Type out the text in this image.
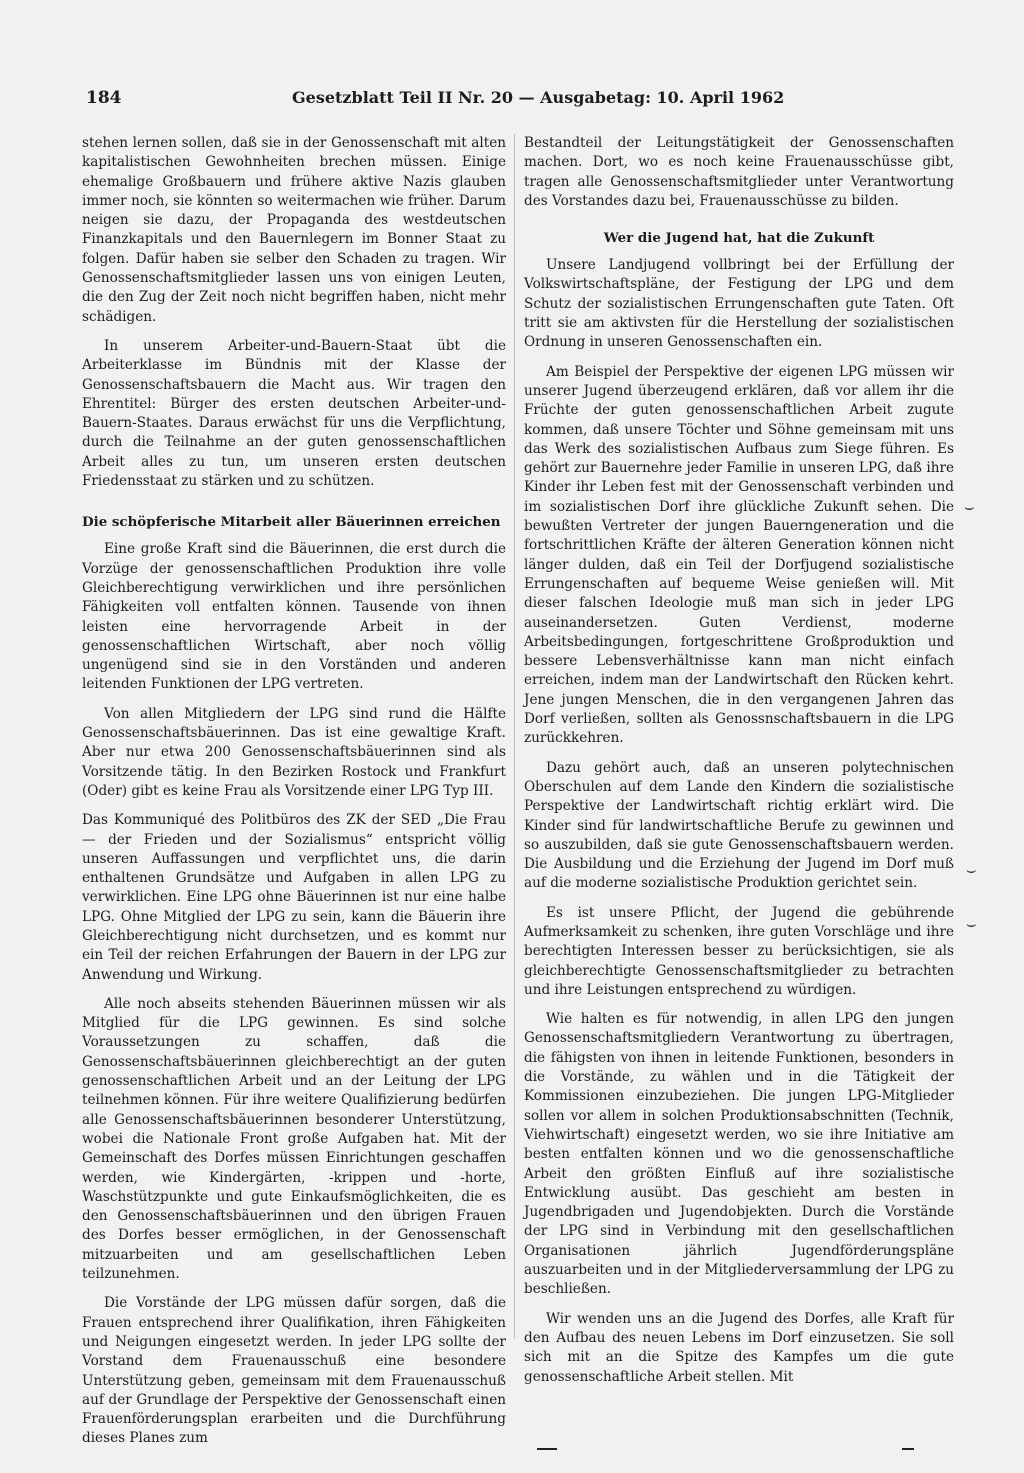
184	Gesetzblatt Teil II Nr. 20 — Ausgabetag: 10. April 1962

stehen lernen sollen, daß sie in der Genossenschaft mit alten kapitalistischen Gewohnheiten brechen müssen. Einige ehemalige Großbauern und frühere aktive Nazis glauben immer noch, sie könnten so weitermachen wie früher. Darum neigen sie dazu, der Propaganda des westdeutschen Finanzkapitals und den Bauernlegern im Bonner Staat zu folgen. Dafür haben sie selber den Schaden zu tragen. Wir Genossenschaftsmitglieder lassen uns von einigen Leuten, die den Zug der Zeit noch nicht begriffen haben, nicht mehr schädigen.

In unserem Arbeiter-und-Bauern-Staat übt die Arbeiterklasse im Bündnis mit der Klasse der Genossenschaftsbauern die Macht aus. Wir tragen den Ehrentitel: Bürger des ersten deutschen Arbeiter-und-Bauern-Staates. Daraus erwächst für uns die Verpflichtung, durch die Teilnahme an der guten genossenschaftlichen Arbeit alles zu tun, um unseren ersten deutschen Friedensstaat zu stärken und zu schützen.

Die schöpferische Mitarbeit aller Bäuerinnen erreichen

Eine große Kraft sind die Bäuerinnen, die erst durch die Vorzüge der genossenschaftlichen Produktion ihre volle Gleichberechtigung verwirklichen und ihre persönlichen Fähigkeiten voll entfalten können. Tausende von ihnen leisten eine hervorragende Arbeit in der genossenschaftlichen Wirtschaft, aber noch völlig ungenügend sind sie in den Vorständen und anderen leitenden Funktionen der LPG vertreten.

Von allen Mitgliedern der LPG sind rund die Hälfte Genossenschaftsbäuerinnen. Das ist eine gewaltige Kraft. Aber nur etwa 200 Genossenschaftsbäuerinnen sind als Vorsitzende tätig. In den Bezirken Rostock und Frankfurt (Oder) gibt es keine Frau als Vorsitzende einer LPG Typ III.

Das Kommuniqué des Politbüros des ZK der SED „Die Frau — der Frieden und der Sozialismus“ entspricht völlig unseren Auffassungen und verpflichtet uns, die darin enthaltenen Grundsätze und Aufgaben in allen LPG zu verwirklichen. Eine LPG ohne Bäuerinnen ist nur eine halbe LPG. Ohne Mitglied der LPG zu sein, kann die Bäuerin ihre Gleichberechtigung nicht durchsetzen, und es kommt nur ein Teil der reichen Erfahrungen der Bauern in der LPG zur Anwendung und Wirkung.

Alle noch abseits stehenden Bäuerinnen müssen wir als Mitglied für die LPG gewinnen. Es sind solche Voraussetzungen zu schaffen, daß die Genossenschaftsbäuerinnen gleichberechtigt an der guten genossenschaftlichen Arbeit und an der Leitung der LPG teilnehmen können. Für ihre weitere Qualifizierung bedürfen alle Genossenschaftsbäuerinnen besonderer Unterstützung, wobei die Nationale Front große Aufgaben hat. Mit der Gemeinschaft des Dorfes müssen Einrichtungen geschaffen werden, wie Kindergärten, -krippen und -horte, Waschstützpunkte und gute Einkaufsmöglichkeiten, die es den Genossenschaftsbäuerinnen und den übrigen Frauen des Dorfes besser ermöglichen, in der Genossenschaft mitzuarbeiten und am gesellschaftlichen Leben teilzunehmen.

Die Vorstände der LPG müssen dafür sorgen, daß die Frauen entsprechend ihrer Qualifikation, ihren Fähigkeiten und Neigungen eingesetzt werden. In jeder LPG sollte der Vorstand dem Frauenausschuß eine besondere Unterstützung geben, gemeinsam mit dem Frauenausschuß auf der Grundlage der Perspektive der Genossenschaft einen Frauenförderungsplan erarbeiten und die Durchführung dieses Planes zum

Bestandteil der Leitungstätigkeit der Genossenschaften machen. Dort, wo es noch keine Frauenausschüsse gibt, tragen alle Genossenschaftsmitglieder unter Verantwortung des Vorstandes dazu bei, Frauenausschüsse zu bilden.

Wer die Jugend hat, hat die Zukunft

Unsere Landjugend vollbringt bei der Erfüllung der Volkswirtschaftspläne, der Festigung der LPG und dem Schutz der sozialistischen Errungenschaften gute Taten. Oft tritt sie am aktivsten für die Herstellung der sozialistischen Ordnung in unseren Genossenschaften ein.

Am Beispiel der Perspektive der eigenen LPG müssen wir unserer Jugend überzeugend erklären, daß vor allem ihr die Früchte der guten genossenschaftlichen Arbeit zugute kommen, daß unsere Töchter und Söhne gemeinsam mit uns das Werk des sozialistischen Aufbaus zum Siege führen. Es gehört zur Bauernehre jeder Familie in unseren LPG, daß ihre Kinder ihr Leben fest mit der Genossenschaft verbinden und im sozialistischen Dorf ihre glückliche Zukunft sehen. Die bewußten Vertreter der jungen Bauerngeneration und die fortschrittlichen Kräfte der älteren Generation können nicht länger dulden, daß ein Teil der Dorfjugend sozialistische Errungenschaften auf bequeme Weise genießen will. Mit dieser falschen Ideologie muß man sich in jeder LPG auseinandersetzen. Guten Verdienst, moderne Arbeitsbedingungen, fortgeschrittene Großproduktion und bessere Lebensverhältnisse kann man nicht einfach erreichen, indem man der Landwirtschaft den Rücken kehrt. Jene jungen Menschen, die in den vergangenen Jahren das Dorf verließen, sollten als Genossnschaftsbauern in die LPG zurückkehren.

Dazu gehört auch, daß an unseren polytechnischen Oberschulen auf dem Lande den Kindern die sozialistische Perspektive der Landwirtschaft richtig erklärt wird. Die Kinder sind für landwirtschaftliche Berufe zu gewinnen und so auszubilden, daß sie gute Genossenschaftsbauern werden. Die Ausbildung und die Erziehung der Jugend im Dorf muß auf die moderne sozialistische Produktion gerichtet sein.

Es ist unsere Pflicht, der Jugend die gebührende Aufmerksamkeit zu schenken, ihre guten Vorschläge und ihre berechtigten Interessen besser zu berücksichtigen, sie als gleichberechtigte Genossenschaftsmitglieder zu betrachten und ihre Leistungen entsprechend zu würdigen.

Wie halten es für notwendig, in allen LPG den jungen Genossenschaftsmitgliedern Verantwortung zu übertragen, die fähigsten von ihnen in leitende Funktionen, besonders in die Vorstände, zu wählen und in die Tätigkeit der Kommissionen einzubeziehen. Die jungen LPG-Mitglieder sollen vor allem in solchen Produktionsabschnitten (Technik, Viehwirtschaft) eingesetzt werden, wo sie ihre Initiative am besten entfalten können und wo die genossenschaftliche Arbeit den größten Einfluß auf ihre sozialistische Entwicklung ausübt. Das geschieht am besten in Jugendbrigaden und Jugendobjekten. Durch die Vorstände der LPG sind in Verbindung mit den gesellschaftlichen Organisationen jährlich Jugendförderungspläne auszuarbeiten und in der Mitgliederversammlung der LPG zu beschließen.

Wir wenden uns an die Jugend des Dorfes, alle Kraft für den Aufbau des neuen Lebens im Dorf einzusetzen. Sie soll sich mit an die Spitze des Kampfes um die gute genossenschaftliche Arbeit stellen. Mit

⌣
⌣
⌣
